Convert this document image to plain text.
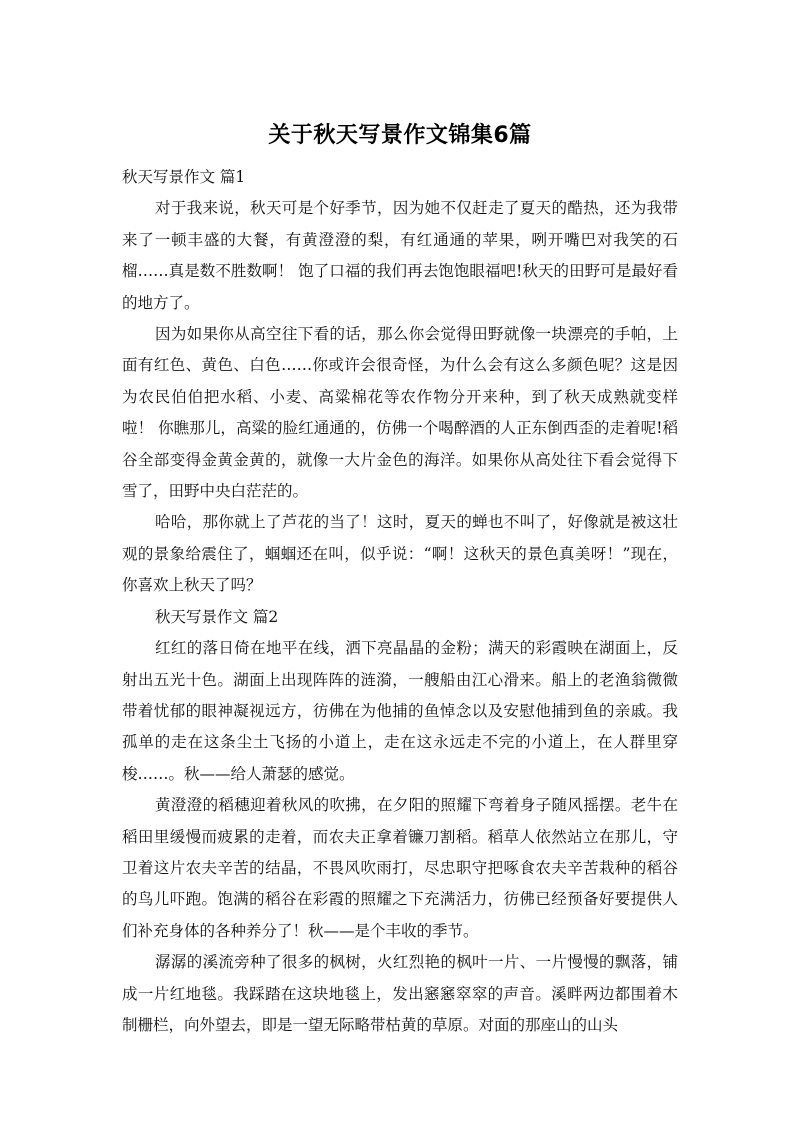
关于秋天写景作文锦集6篇
秋天写景作文 篇1

对于我来说，秋天可是个好季节，因为她不仅赶走了夏天的酷热，还为我带来了一顿丰盛的大餐，有黄澄澄的梨，有红通通的苹果，咧开嘴巴对我笑的石榴……真是数不胜数啊！ 饱了口福的我们再去饱饱眼福吧!秋天的田野可是最好看的地方了。

因为如果你从高空往下看的话，那么你会觉得田野就像一块漂亮的手帕，上面有红色、黄色、白色……你或许会很奇怪，为什么会有这么多颜色呢？这是因为农民伯伯把水稻、小麦、高粱棉花等农作物分开来种，到了秋天成熟就变样啦！ 你瞧那儿，高粱的脸红通通的，仿佛一个喝醉酒的人正东倒西歪的走着呢!稻谷全部变得金黄金黄的，就像一大片金色的海洋。如果你从高处往下看会觉得下雪了，田野中央白茫茫的。

哈哈，那你就上了芦花的当了！这时，夏天的蝉也不叫了，好像就是被这壮观的景象给震住了，蝈蝈还在叫，似乎说：“啊！这秋天的景色真美呀！”现在，你喜欢上秋天了吗？

秋天写景作文 篇2

红红的落日倚在地平在线，洒下亮晶晶的金粉；满天的彩霞映在湖面上，反射出五光十色。湖面上出现阵阵的涟漪，一艘船由江心滑来。船上的老渔翁微微带着忧郁的眼神凝视远方，彷佛在为他捕的鱼悼念以及安慰他捕到鱼的亲戚。我孤单的走在这条尘土飞扬的小道上，走在这永远走不完的小道上，在人群里穿梭……。秋——给人萧瑟的感觉。

黄澄澄的稻穗迎着秋风的吹拂，在夕阳的照耀下弯着身子随风摇摆。老牛在稻田里缓慢而疲累的走着，而农夫正拿着镰刀割稻。稻草人依然站立在那儿，守卫着这片农夫辛苦的结晶，不畏风吹雨打，尽忠职守把啄食农夫辛苦栽种的稻谷的鸟儿吓跑。饱满的稻谷在彩霞的照耀之下充满活力，彷佛已经预备好要提供人们补充身体的各种养分了！秋——是个丰收的季节。

潺潺的溪流旁种了很多的枫树，火红烈艳的枫叶一片、一片慢慢的飘落，铺成一片红地毯。我踩踏在这块地毯上，发出窸窸窣窣的声音。溪畔两边都围着木制栅栏，向外望去，即是一望无际略带枯黄的草原。对面的那座山的山头
